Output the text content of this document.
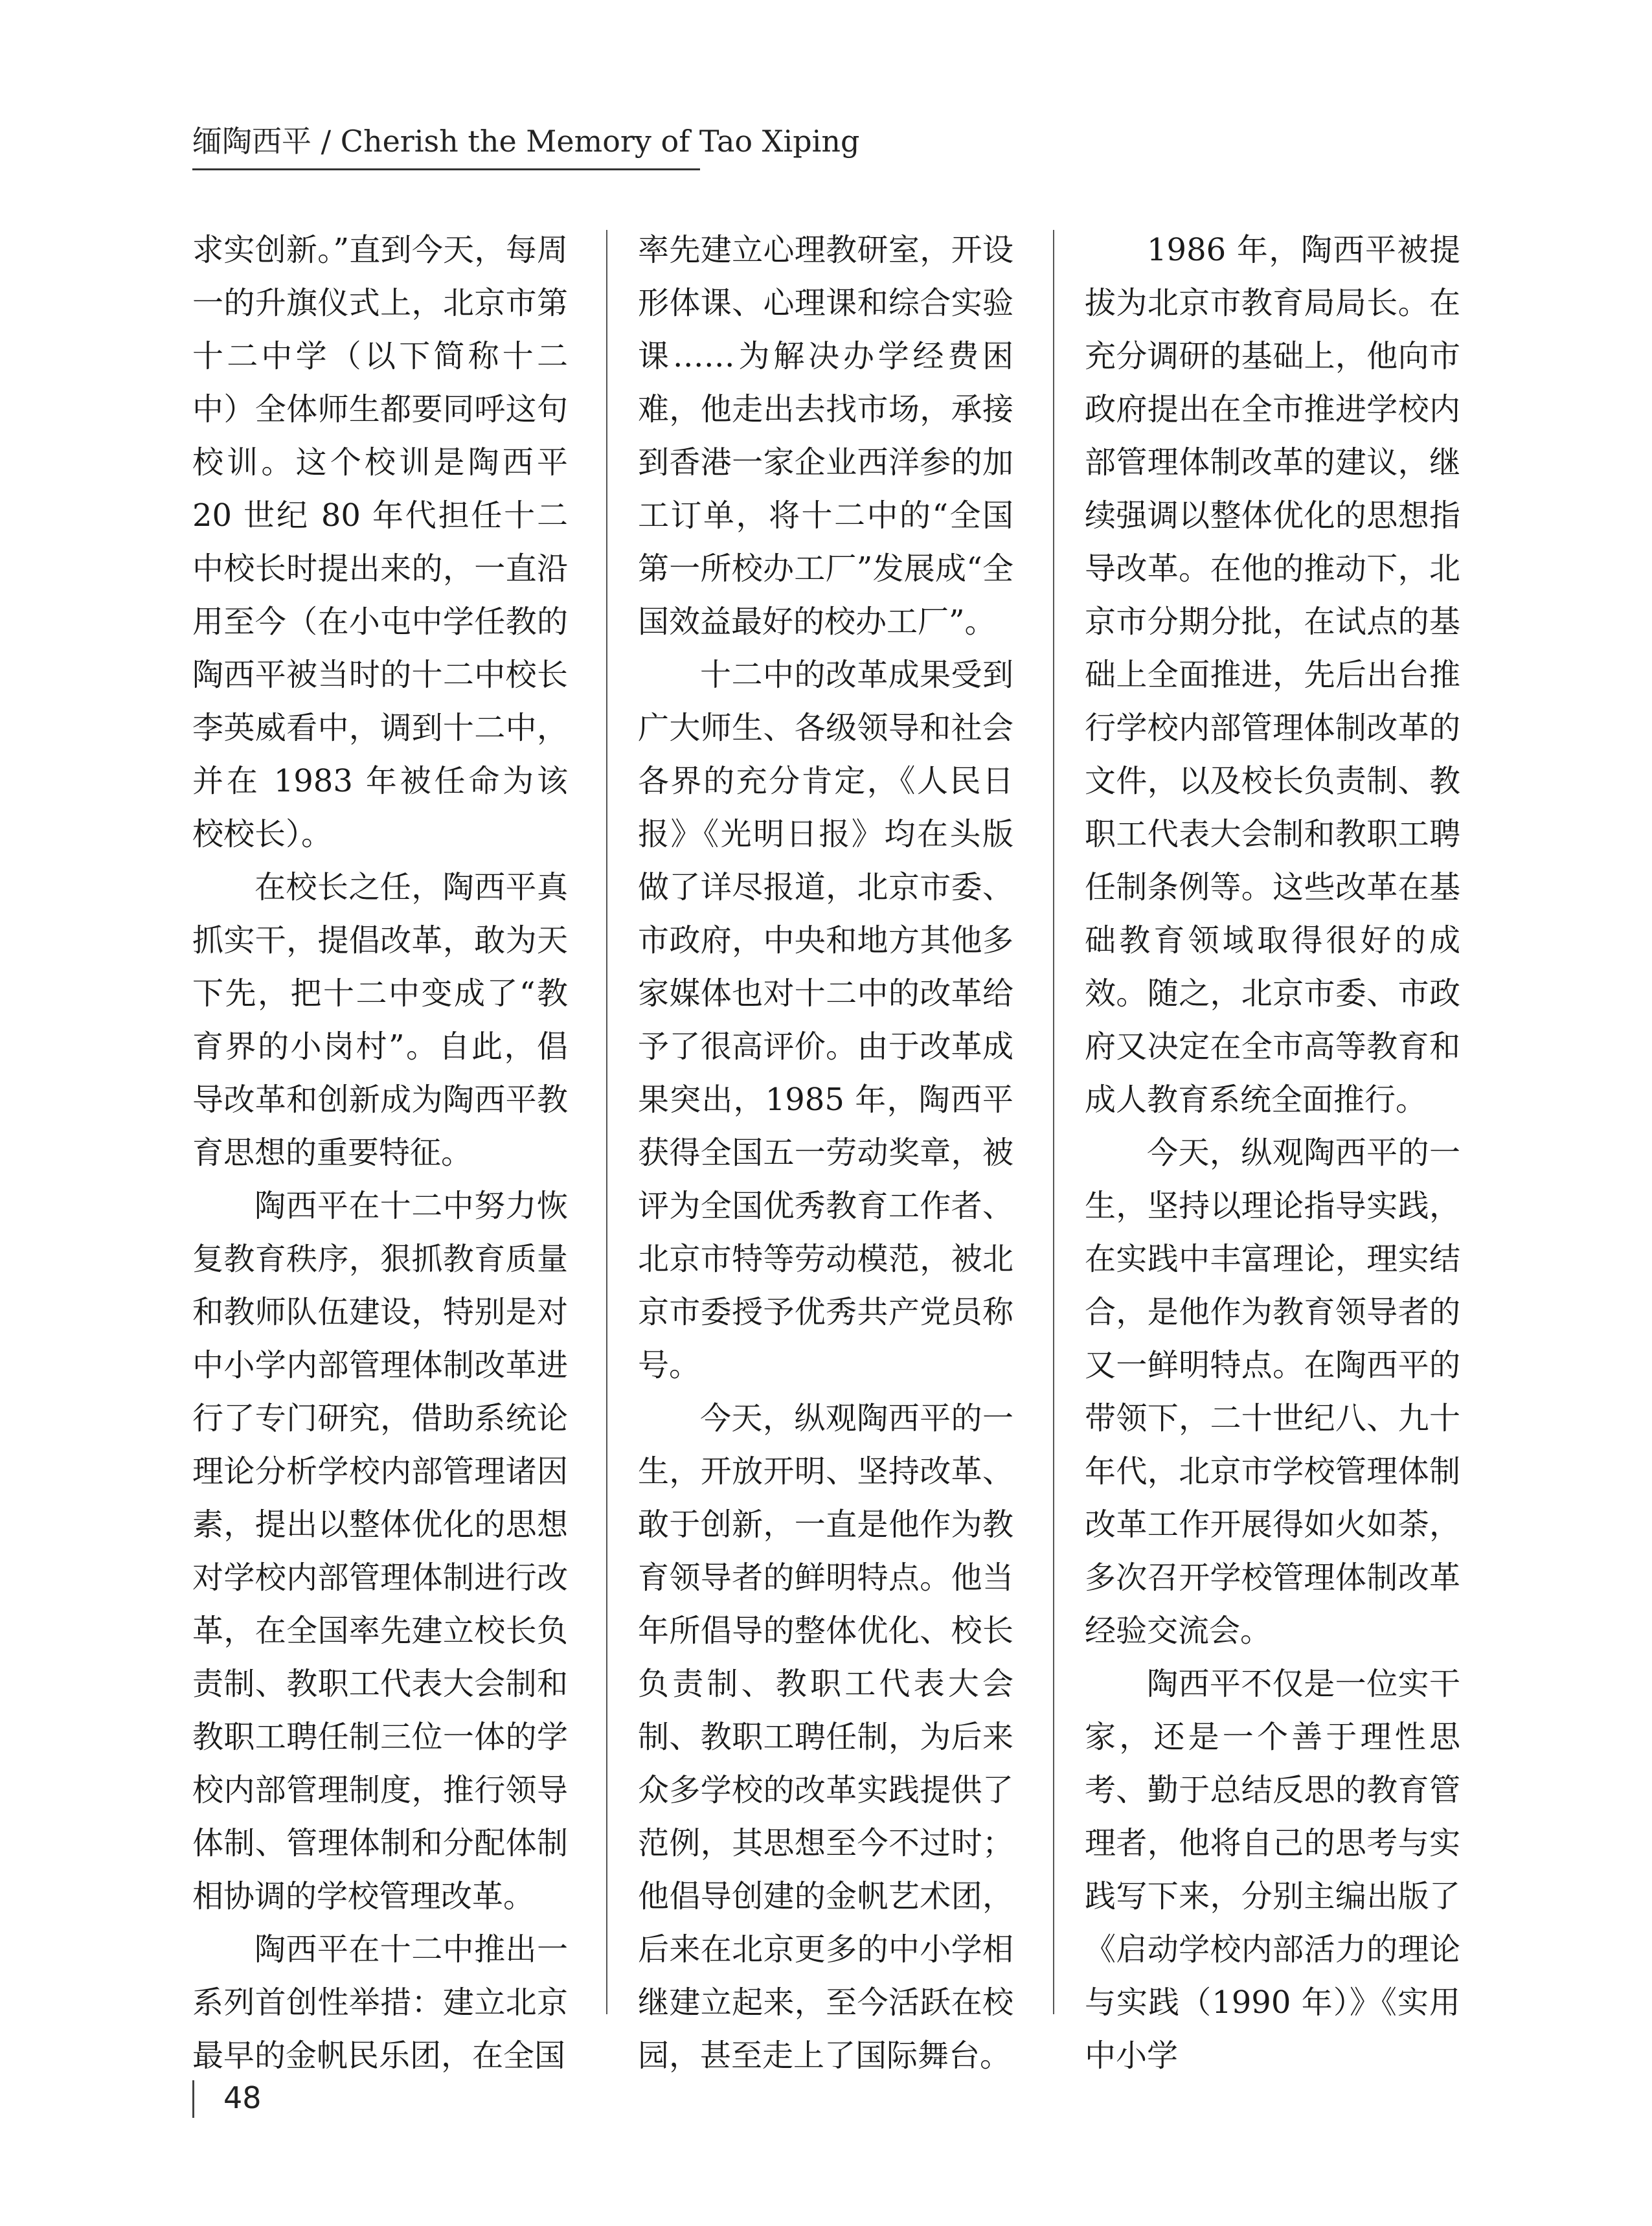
缅陶西平 / Cherish the Memory of Tao Xiping

求实创新。”直到今天，每周一的升旗仪式上，北京市第十二中学（以下简称十二中）全体师生都要同呼这句校训。这个校训是陶西平 20 世纪 80 年代担任十二中校长时提出来的，一直沿用至今（在小屯中学任教的陶西平被当时的十二中校长李英威看中，调到十二中，并在 1983 年被任命为该校校长）。

在校长之任，陶西平真抓实干，提倡改革，敢为天下先，把十二中变成了“教育界的小岗村”。自此，倡导改革和创新成为陶西平教育思想的重要特征。

陶西平在十二中努力恢复教育秩序，狠抓教育质量和教师队伍建设，特别是对中小学内部管理体制改革进行了专门研究，借助系统论理论分析学校内部管理诸因素，提出以整体优化的思想对学校内部管理体制进行改革，在全国率先建立校长负责制、教职工代表大会制和教职工聘任制三位一体的学校内部管理制度，推行领导体制、管理体制和分配体制相协调的学校管理改革。

陶西平在十二中推出一系列首创性举措：建立北京最早的金帆民乐团，在全国

率先建立心理教研室，开设形体课、心理课和综合实验课……为解决办学经费困难，他走出去找市场，承接到香港一家企业西洋参的加工订单，将十二中的“全国第一所校办工厂”发展成“全国效益最好的校办工厂”。

十二中的改革成果受到广大师生、各级领导和社会各界的充分肯定，《人民日报》《光明日报》均在头版做了详尽报道，北京市委、市政府，中央和地方其他多家媒体也对十二中的改革给予了很高评价。由于改革成果突出，1985 年，陶西平获得全国五一劳动奖章，被评为全国优秀教育工作者、北京市特等劳动模范，被北京市委授予优秀共产党员称号。

今天，纵观陶西平的一生，开放开明、坚持改革、敢于创新，一直是他作为教育领导者的鲜明特点。他当年所倡导的整体优化、校长负责制、教职工代表大会制、教职工聘任制，为后来众多学校的改革实践提供了范例，其思想至今不过时；他倡导创建的金帆艺术团，后来在北京更多的中小学相继建立起来，至今活跃在校园，甚至走上了国际舞台。

1986 年，陶西平被提拔为北京市教育局局长。在充分调研的基础上，他向市政府提出在全市推进学校内部管理体制改革的建议，继续强调以整体优化的思想指导改革。在他的推动下，北京市分期分批，在试点的基础上全面推进，先后出台推行学校内部管理体制改革的文件，以及校长负责制、教职工代表大会制和教职工聘任制条例等。这些改革在基础教育领域取得很好的成效。随之，北京市委、市政府又决定在全市高等教育和成人教育系统全面推行。

今天，纵观陶西平的一生，坚持以理论指导实践，在实践中丰富理论，理实结合，是他作为教育领导者的又一鲜明特点。在陶西平的带领下，二十世纪八、九十年代，北京市学校管理体制改革工作开展得如火如荼，多次召开学校管理体制改革经验交流会。

陶西平不仅是一位实干家，还是一个善于理性思考、勤于总结反思的教育管理者，他将自己的思考与实践写下来，分别主编出版了《启动学校内部活力的理论与实践（1990 年）》《实用中小学

48
